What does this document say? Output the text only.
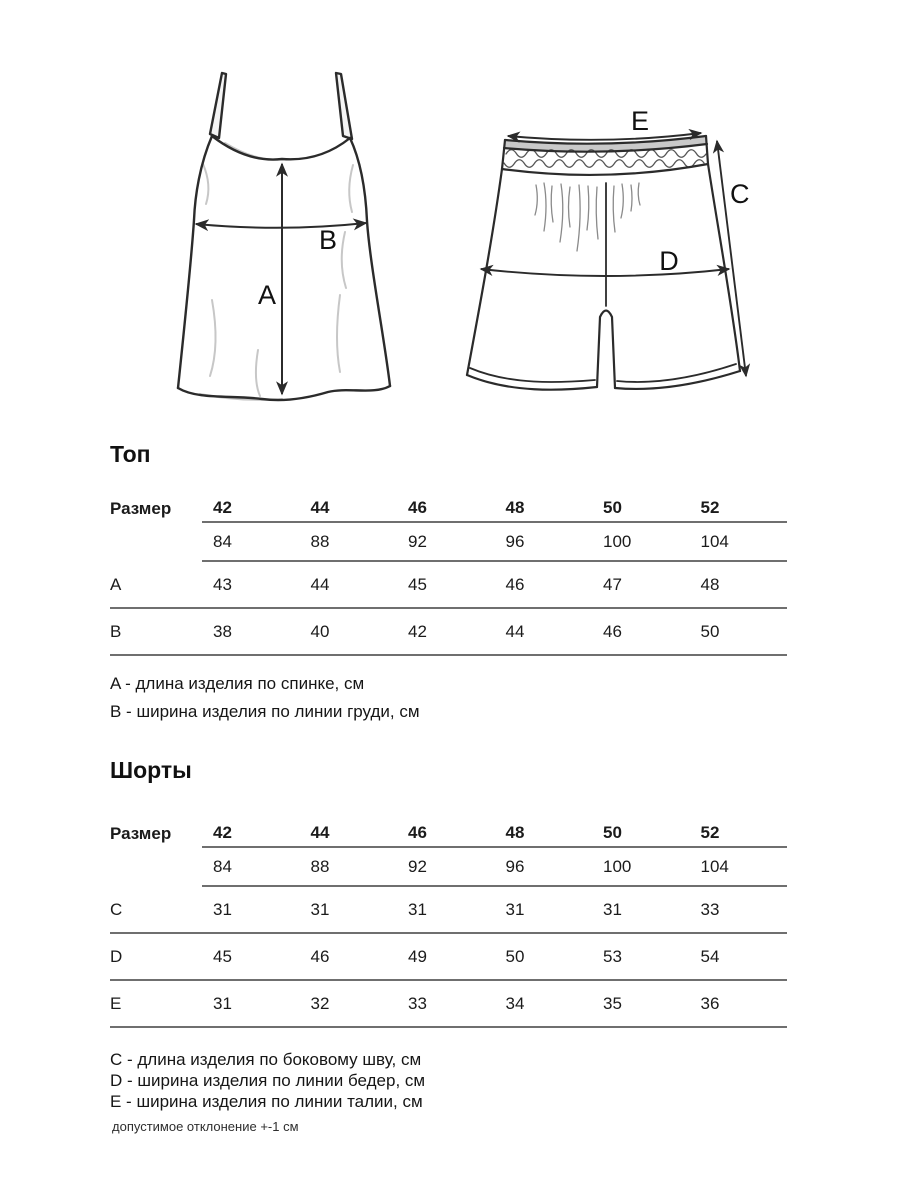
A
B
E
C
D
Топ
Размер	42	44	46	48	50	52
84	88	92	96	100	104
A	43	44	45	46	47	48
B	38	40	42	44	46	50
A - длина изделия по спинке, см
B - ширина изделия по линии груди, см
Шорты
Размер	42	44	46	48	50	52
84	88	92	96	100	104
C	31	31	31	31	31	33
D	45	46	49	50	53	54
E	31	32	33	34	35	36
C - длина изделия по боковому шву, см
D - ширина изделия по линии бедер, см
E - ширина изделия по линии талии, см
допустимое отклонение +-1 см
